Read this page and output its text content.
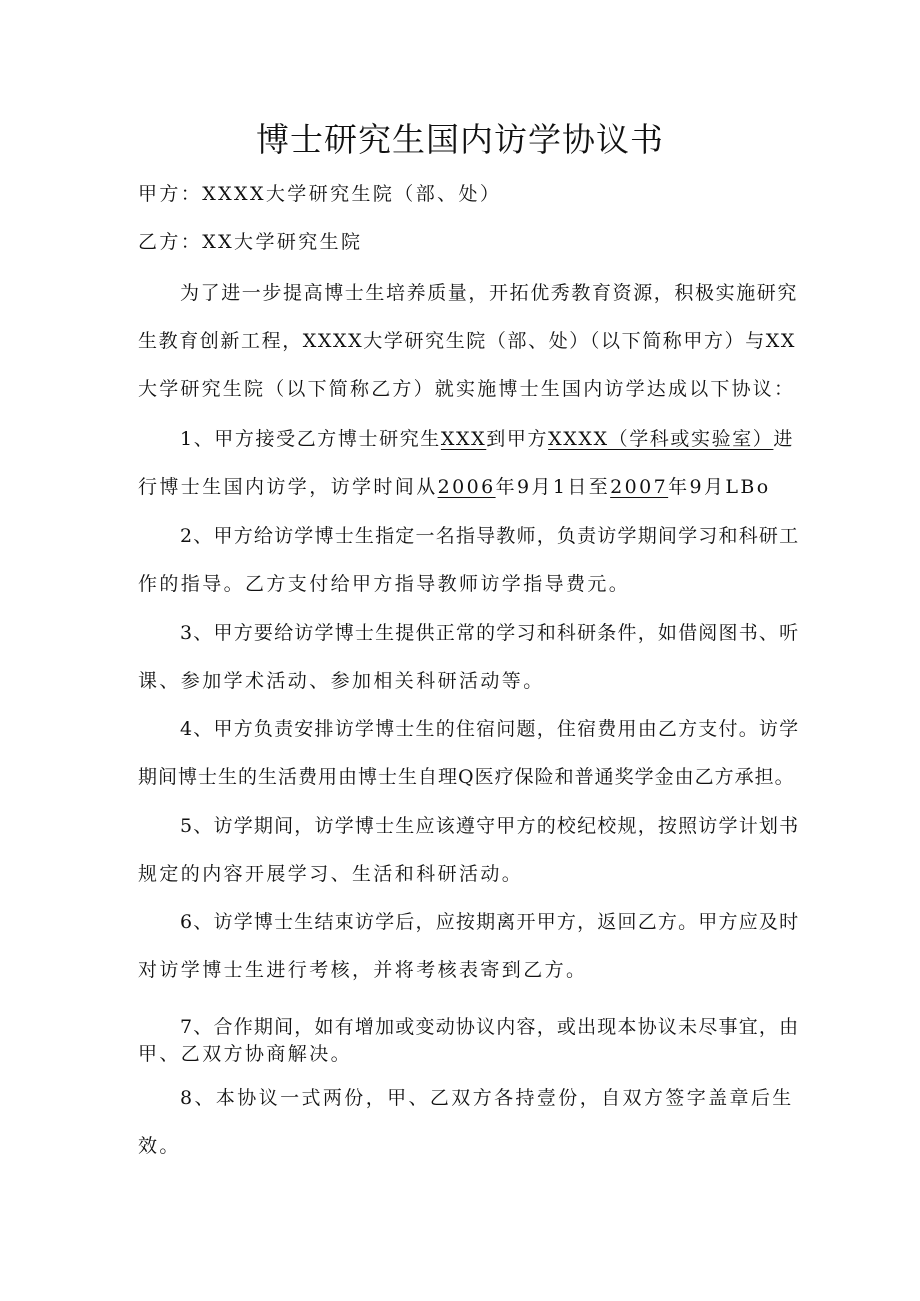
博士研究生国内访学协议书
甲方：XXXX大学研究生院（部、处）
乙方：XX大学研究生院
为了进一步提高博士生培养质量，开拓优秀教育资源，积极实施研究
生教育创新工程，XXXX大学研究生院（部、处）（以下简称甲方）与XX
大学研究生院（以下简称乙方）就实施博士生国内访学达成以下协议：
1、甲方接受乙方博士研究生XXX到甲方XXXX（学科或实验室）进
行博士生国内访学，访学时间从2006年9月1日至2007年9月LBo
2、甲方给访学博士生指定一名指导教师，负责访学期间学习和科研工
作的指导。乙方支付给甲方指导教师访学指导费元。
3、甲方要给访学博士生提供正常的学习和科研条件，如借阅图书、听
课、参加学术活动、参加相关科研活动等。
4、甲方负责安排访学博士生的住宿问题，住宿费用由乙方支付。访学
期间博士生的生活费用由博士生自理Q医疗保险和普通奖学金由乙方承担。
5、访学期间，访学博士生应该遵守甲方的校纪校规，按照访学计划书
规定的内容开展学习、生活和科研活动。
6、访学博士生结束访学后，应按期离开甲方，返回乙方。甲方应及时
对访学博士生进行考核，并将考核表寄到乙方。
7、合作期间，如有增加或变动协议内容，或出现本协议未尽事宜，由
甲、乙双方协商解决。
8、本协议一式两份，甲、乙双方各持壹份，自双方签字盖章后生
效。
